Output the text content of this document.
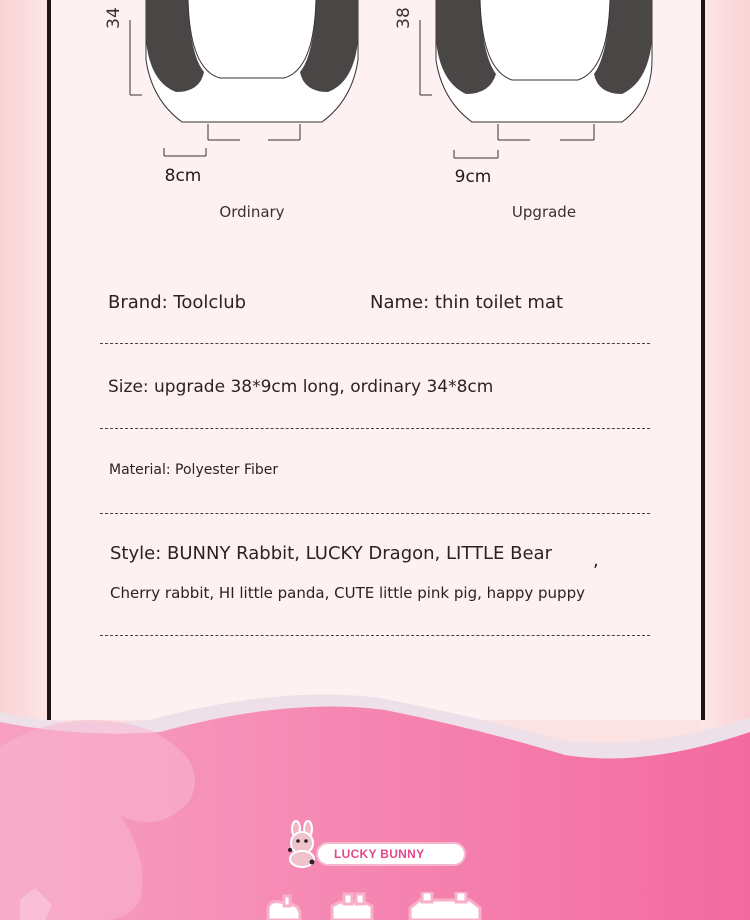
34
8cm
Ordinary
38
9cm
Upgrade
Brand: Toolclub	Name: thin toilet mat
Size: upgrade 38*9cm long, ordinary 34*8cm
Material: Polyester Fiber
Style: BUNNY Rabbit, LUCKY Dragon, LITTLE Bear ,
Cherry rabbit, HI little panda, CUTE little pink pig, happy puppy
LUCKY BUNNY
